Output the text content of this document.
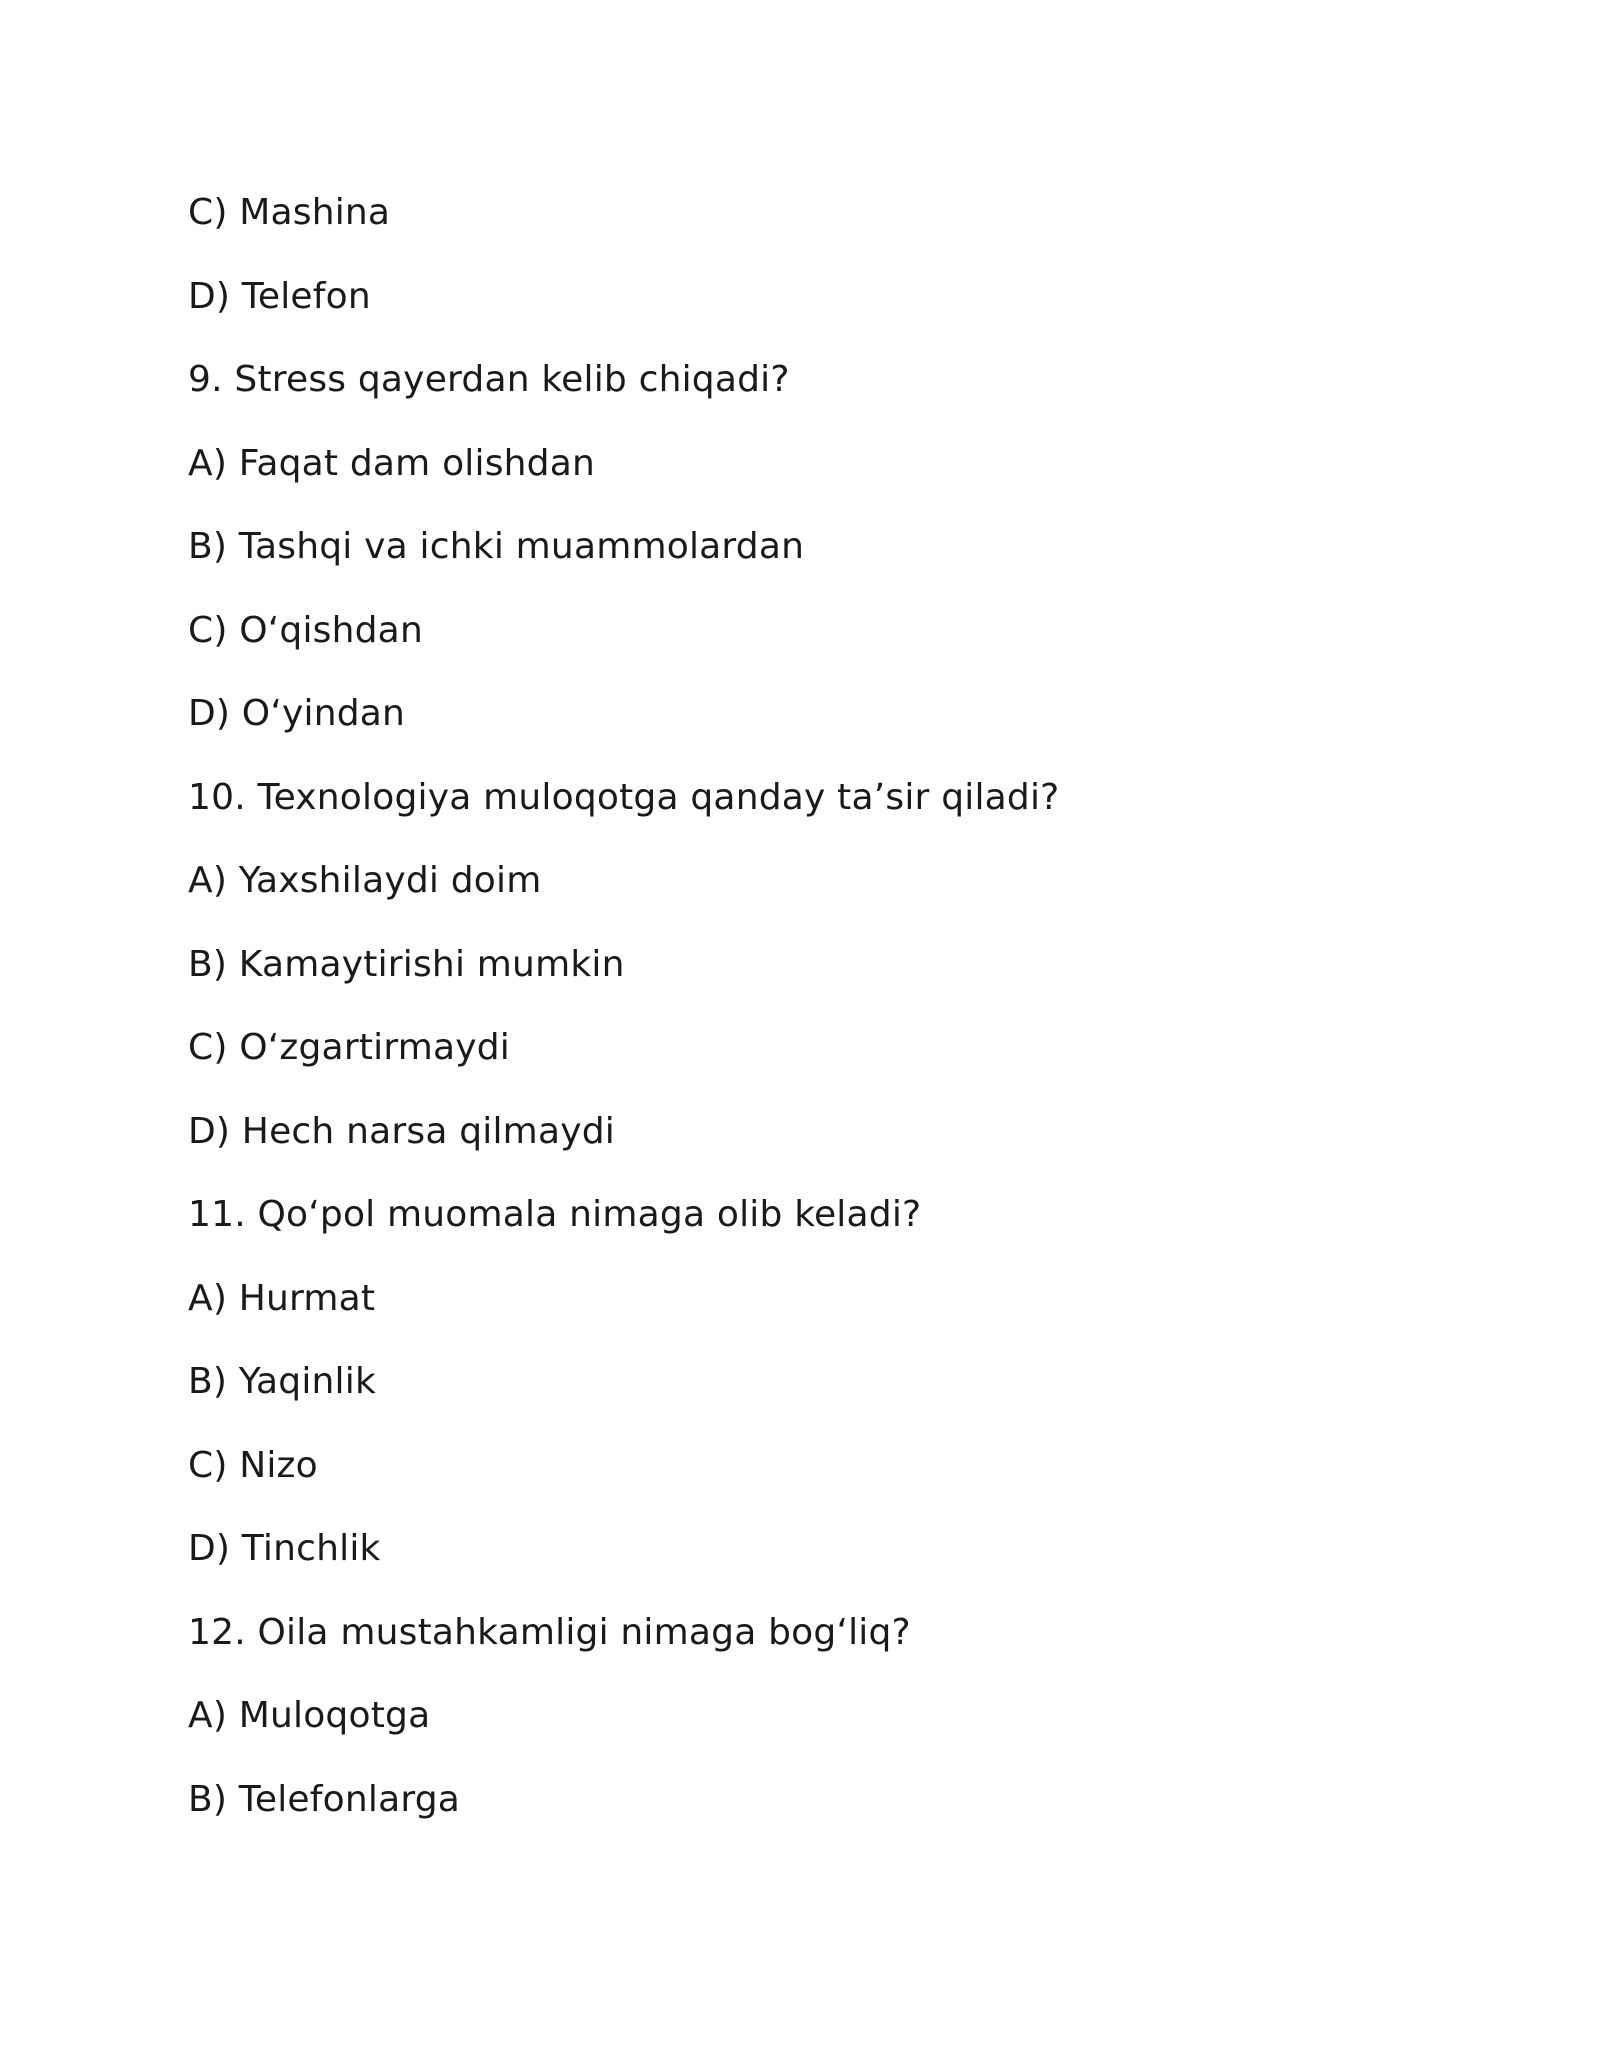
C) Mashina
D) Telefon
9. Stress qayerdan kelib chiqadi?
A) Faqat dam olishdan
B) Tashqi va ichki muammolardan
C) O‘qishdan
D) O‘yindan
10. Texnologiya muloqotga qanday ta’sir qiladi?
A) Yaxshilaydi doim
B) Kamaytirishi mumkin
C) O‘zgartirmaydi
D) Hech narsa qilmaydi
11. Qo‘pol muomala nimaga olib keladi?
A) Hurmat
B) Yaqinlik
C) Nizo
D) Tinchlik
12. Oila mustahkamligi nimaga bog‘liq?
A) Muloqotga
B) Telefonlarga
